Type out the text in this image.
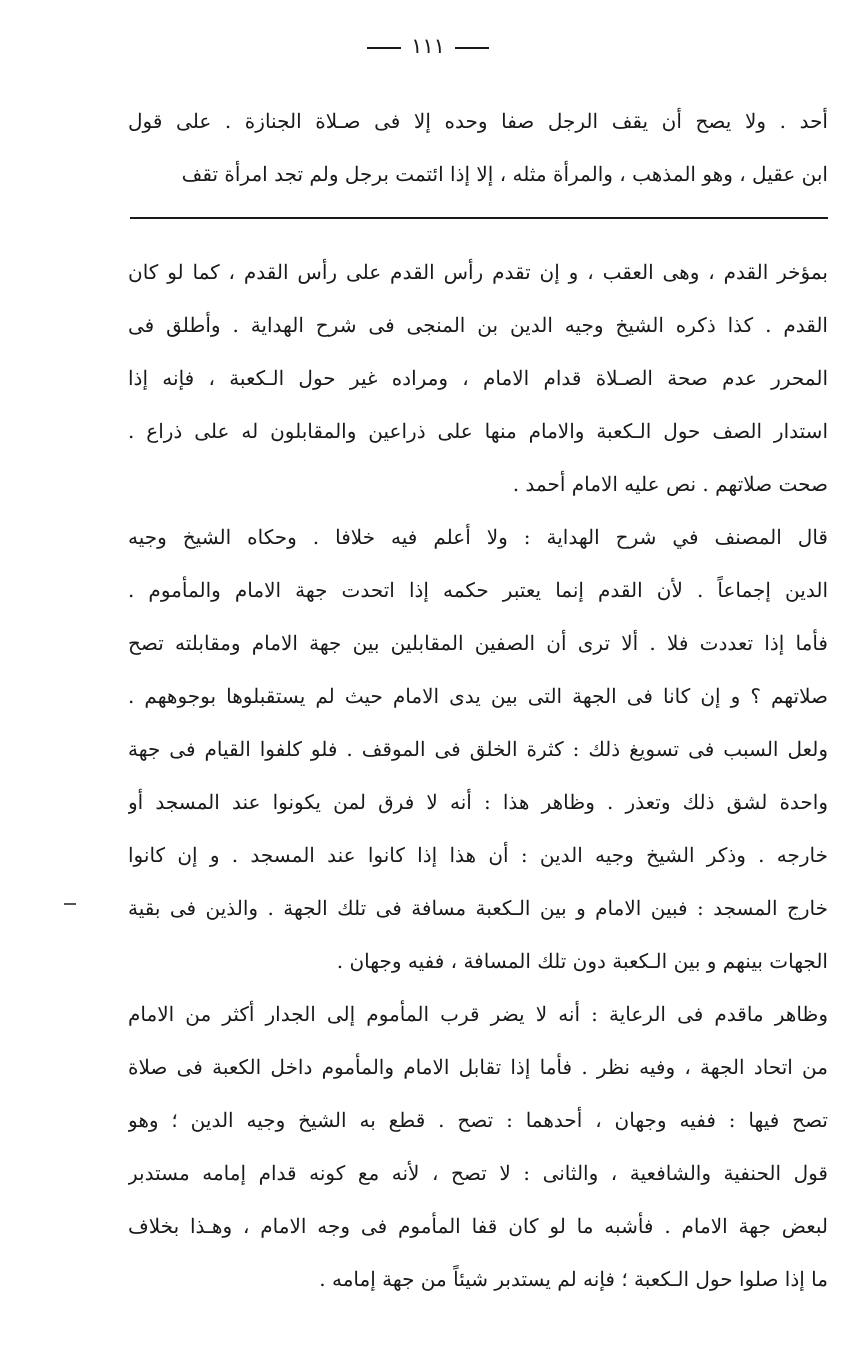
١١١
أحد . ولا يصح أن يقف الرجل صفا وحده إلا فى صـلاة الجنازة . على قول
ابن عقيل ، وهو المذهب ، والمرأة مثله ، إلا إذا ائتمت برجل ولم تجد امرأة تقف
بمؤخر القدم ، وهى العقب ، و إن تقدم رأس القدم على رأس القدم ، كما لو كان
القدم . كذا ذكره الشيخ وجيه الدين بن المنجى فى شرح الهداية . وأطلق فى
المحرر عدم صحة الصـلاة قدام الامام ، ومراده غير حول الـكعبة ، فإنه إذا
استدار الصف حول الـكعبة والامام منها على ذراعين والمقابلون له على ذراع .
صحت صلاتهم . نص عليه الامام أحمد .
قال المصنف في شرح الهداية : ولا أعلم فيه خلافا . وحكاه الشيخ وجيه
الدين إجماعاً . لأن القدم إنما يعتبر حكمه إذا اتحدت جهة الامام والمأموم .
فأما إذا تعددت فلا . ألا ترى أن الصفين المقابلين بين جهة الامام ومقابلته تصح
صلاتهم ؟ و إن كانا فى الجهة التى بين يدى الامام حيث لم يستقبلوها بوجوههم .
ولعل السبب فى تسويغ ذلك : كثرة الخلق فى الموقف . فلو كلفوا القيام فى جهة
واحدة لشق ذلك وتعذر . وظاهر هذا : أنه لا فرق لمن يكونوا عند المسجد أو
خارجه . وذكر الشيخ وجيه الدين : أن هذا إذا كانوا عند المسجد . و إن كانوا
خارج المسجد : فبين الامام و بين الـكعبة مسافة فى تلك الجهة . والذين فى بقية
الجهات بينهم و بين الـكعبة دون تلك المسافة ، ففيه وجهان .
وظاهر ماقدم فى الرعاية : أنه لا يضر قرب المأموم إلى الجدار أكثر من الامام
من اتحاد الجهة ، وفيه نظر . فأما إذا تقابل الامام والمأموم داخل الكعبة فى صلاة
تصح فيها : ففيه وجهان ، أحدهما : تصح . قطع به الشيخ وجيه الدين ؛ وهو
قول الحنفية والشافعية ، والثانى : لا تصح ، لأنه مع كونه قدام إمامه مستدبر
لبعض جهة الامام . فأشبه ما لو كان قفا المأموم فى وجه الامام ، وهـذا بخلاف
ما إذا صلوا حول الـكعبة ؛ فإنه لم يستدبر شيئاً من جهة إمامه .
